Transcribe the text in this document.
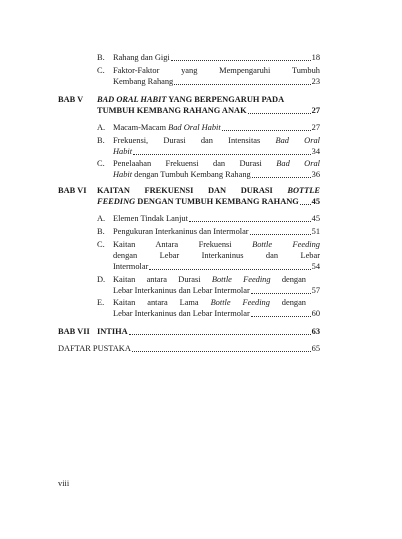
B. Rahang dan Gigi	18
C. Faktor-Faktor yang Mempengaruhi Tumbuh
Kembang Rahang	23
BAB V BAD ORAL HABIT YANG BERPENGARUH PADA
TUMBUH KEMBANG RAHANG ANAK	27
A. Macam-Macam Bad Oral Habit	27
B. Frekuensi, Durasi dan Intensitas Bad Oral
Habit	34
C. Penelaahan Frekuensi dan Durasi Bad Oral
Habit dengan Tumbuh Kembang Rahang	36
BAB VI KAITAN FREKUENSI DAN DURASI BOTTLE
FEEDING DENGAN TUMBUH KEMBANG RAHANG 45
A. Elemen Tindak Lanjut	45
B. Pengukuran Interkaninus dan Intermolar	51
C. Kaitan Antara Frekuensi Bottle Feeding
dengan Lebar Interkaninus dan Lebar
Intermolar	54
D. Kaitan antara Durasi Bottle Feeding dengan
Lebar Interkaninus dan Lebar Intermolar	57
E. Kaitan antara Lama Bottle Feeding dengan
Lebar Interkaninus dan Lebar Intermolar	60
BAB VII INTIHA	63
DAFTAR PUSTAKA	65
viii
